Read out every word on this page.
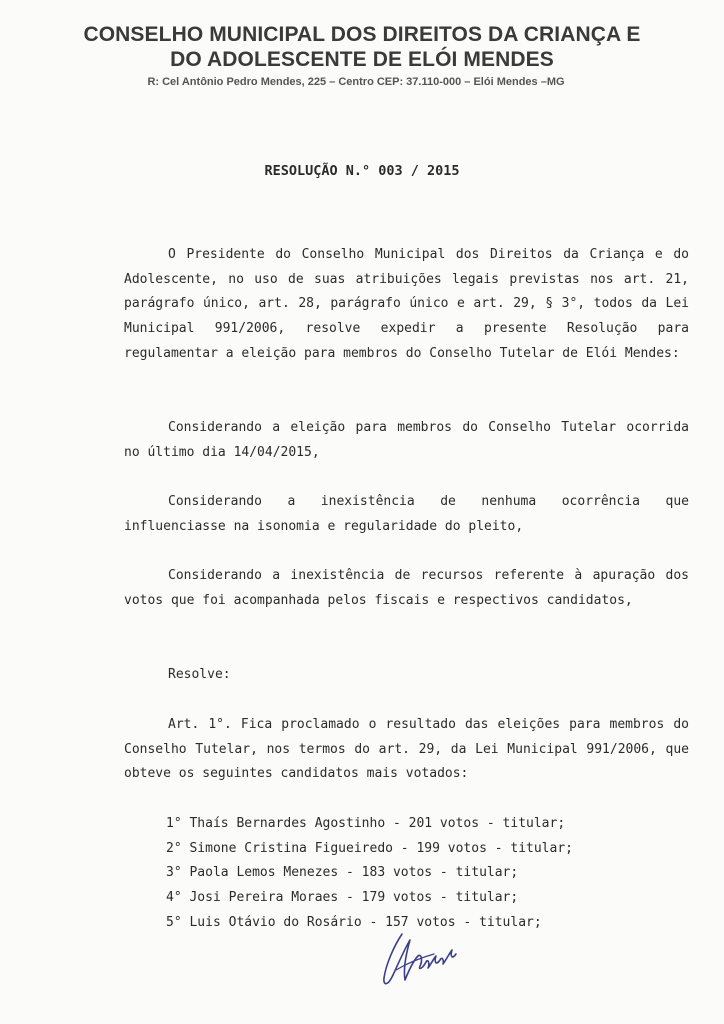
CONSELHO MUNICIPAL DOS DIREITOS DA CRIANÇA E
DO ADOLESCENTE DE ELÓI MENDES
R: Cel Antônio Pedro Mendes, 225 – Centro CEP: 37.110-000 – Elói Mendes –MG
RESOLUÇÃO N.° 003 / 2015

O Presidente do Conselho Municipal dos Direitos da Criança e do Adolescente, no uso de suas atribuições legais previstas nos art. 21, parágrafo único, art. 28, parágrafo único e art. 29, § 3°, todos da Lei Municipal 991/2006, resolve expedir a presente Resolução para regulamentar a eleição para membros do Conselho Tutelar de Elói Mendes:

Considerando a eleição para membros do Conselho Tutelar ocorrida no último dia 14/04/2015,

Considerando a inexistência de nenhuma ocorrência que influenciasse na isonomia e regularidade do pleito,

Considerando a inexistência de recursos referente à apuração dos votos que foi acompanhada pelos fiscais e respectivos candidatos,

Resolve:

Art. 1°. Fica proclamado o resultado das eleições para membros do Conselho Tutelar, nos termos do art. 29, da Lei Municipal 991/2006, que obteve os seguintes candidatos mais votados:

1° Thaís Bernardes Agostinho - 201 votos - titular;
2° Simone Cristina Figueiredo - 199 votos - titular;
3° Paola Lemos Menezes - 183 votos - titular;
4° Josi Pereira Moraes - 179 votos - titular;
5° Luis Otávio do Rosário - 157 votos - titular;
